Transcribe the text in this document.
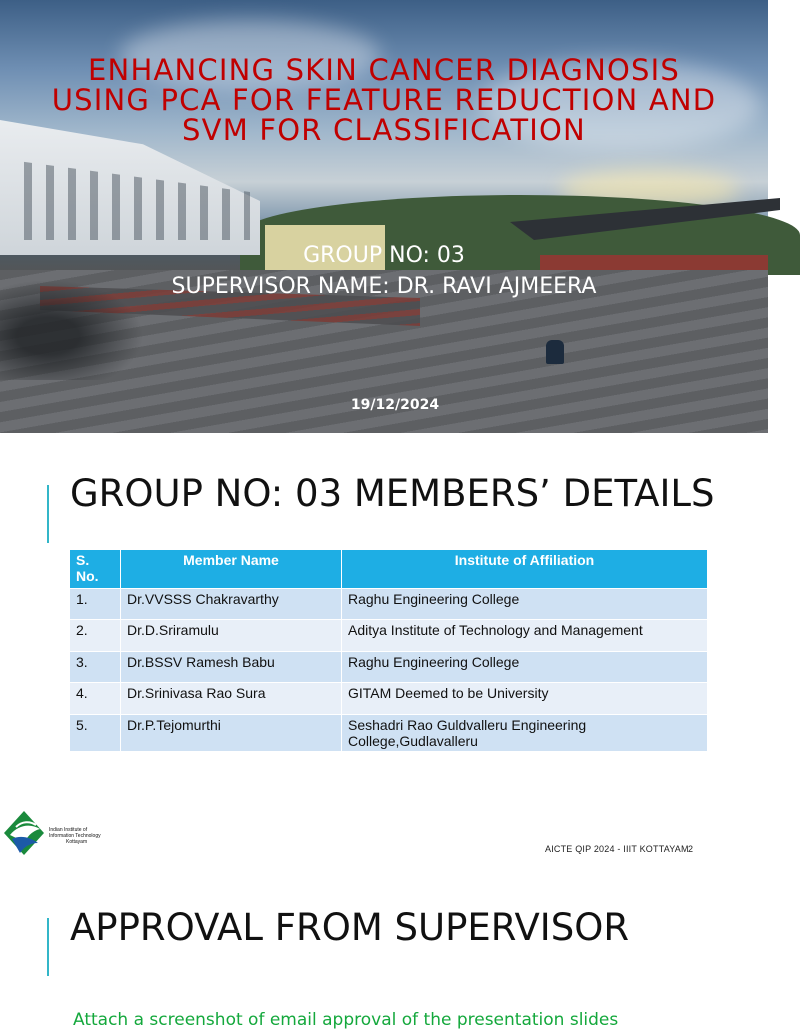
ENHANCING SKIN CANCER DIAGNOSIS USING PCA FOR FEATURE REDUCTION AND SVM FOR CLASSIFICATION
GROUP NO: 03
SUPERVISOR NAME: DR. RAVI AJMEERA
19/12/2024
GROUP NO: 03 MEMBERS’ DETAILS
S. No.	Member Name	Institute of Affiliation
1.	Dr.VVSSS Chakravarthy	Raghu Engineering College
2.	Dr.D.Sriramulu	Aditya Institute of Technology and Management
3.	Dr.BSSV Ramesh Babu	Raghu Engineering College
4.	Dr.Srinivasa Rao Sura	GITAM Deemed to be University
5.	Dr.P.Tejomurthi	Seshadri Rao Guldvalleru Engineering College,Gudlavalleru
Indian Institute of
Information Technology
Kottayam
AICTE QIP 2024 - IIIT KOTTAYAM 2
APPROVAL FROM SUPERVISOR

Attach a screenshot of email approval of the presentation slides
